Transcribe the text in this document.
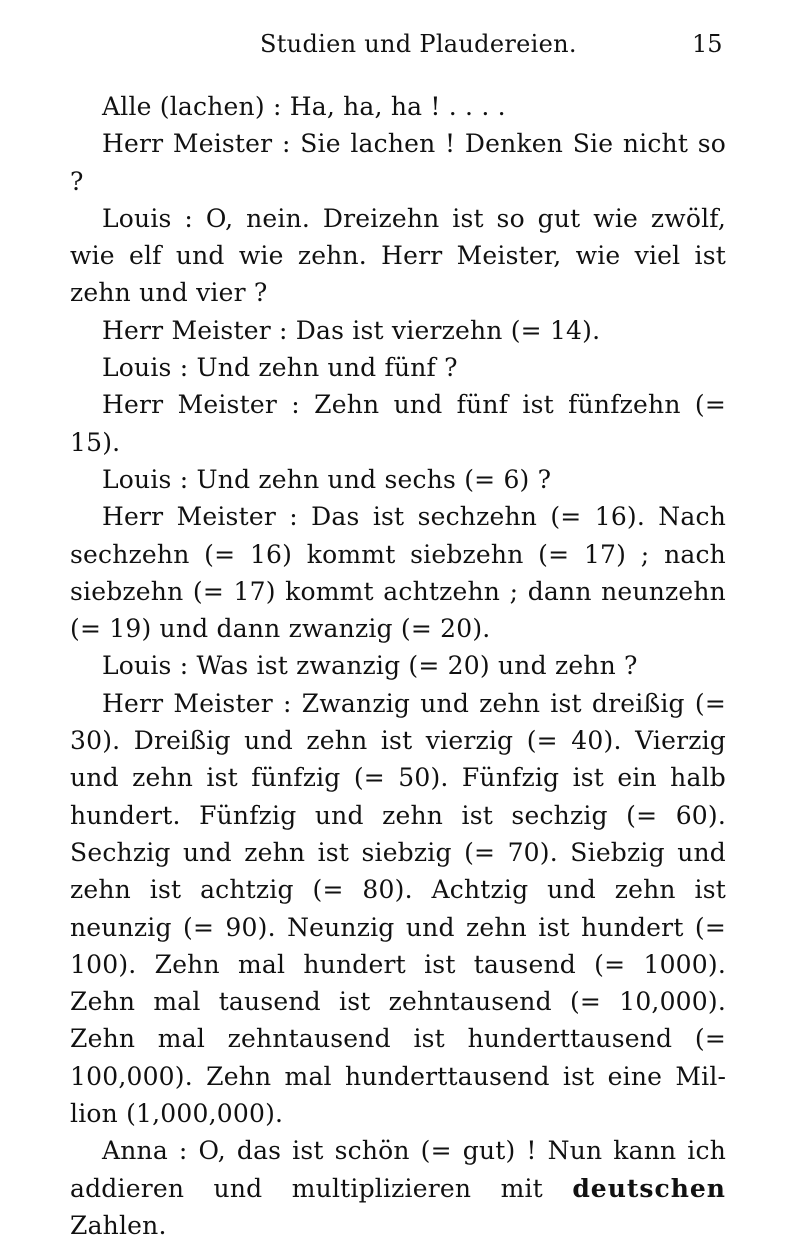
Studien und Plaudereien.	15

Alle (lachen) : Ha, ha, ha ! . . . .

Herr Meister : Sie lachen ! Denken Sie nicht so ?

Louis : O, nein. Dreizehn ist so gut wie zwölf, wie elf und wie zehn. Herr Meister, wie viel ist zehn und vier ?

Herr Meister : Das ist vierzehn (= 14).

Louis : Und zehn und fünf ?

Herr Meister : Zehn und fünf ist fünfzehn (= 15).

Louis : Und zehn und sechs (= 6) ?

Herr Meister : Das ist sechzehn (= 16). Nach sechzehn (= 16) kommt siebzehn (= 17) ; nach siebzehn (= 17) kommt achtzehn ; dann neunzehn (= 19) und dann zwanzig (= 20).

Louis : Was ist zwanzig (= 20) und zehn ?

Herr Meister : Zwanzig und zehn ist dreißig (= 30). Dreißig und zehn ist vierzig (= 40). Vierzig und zehn ist fünfzig (= 50). Fünfzig ist ein halb hundert. Fünfzig und zehn ist sechzig (= 60). Sechzig und zehn ist siebzig (= 70). Siebzig und zehn ist achtzig (= 80). Achtzig und zehn ist neunzig (= 90). Neunzig und zehn ist hundert (= 100). Zehn mal hundert ist tausend (= 1000). Zehn mal tausend ist zehntausend (= 10,000). Zehn mal zehntausend ist hunderttausend (= 100,000). Zehn mal hunderttausend ist eine Million (1,000,000).

Anna : O, das ist schön (= gut) ! Nun kann ich addieren und multiplizieren mit deutschen Zahlen.
